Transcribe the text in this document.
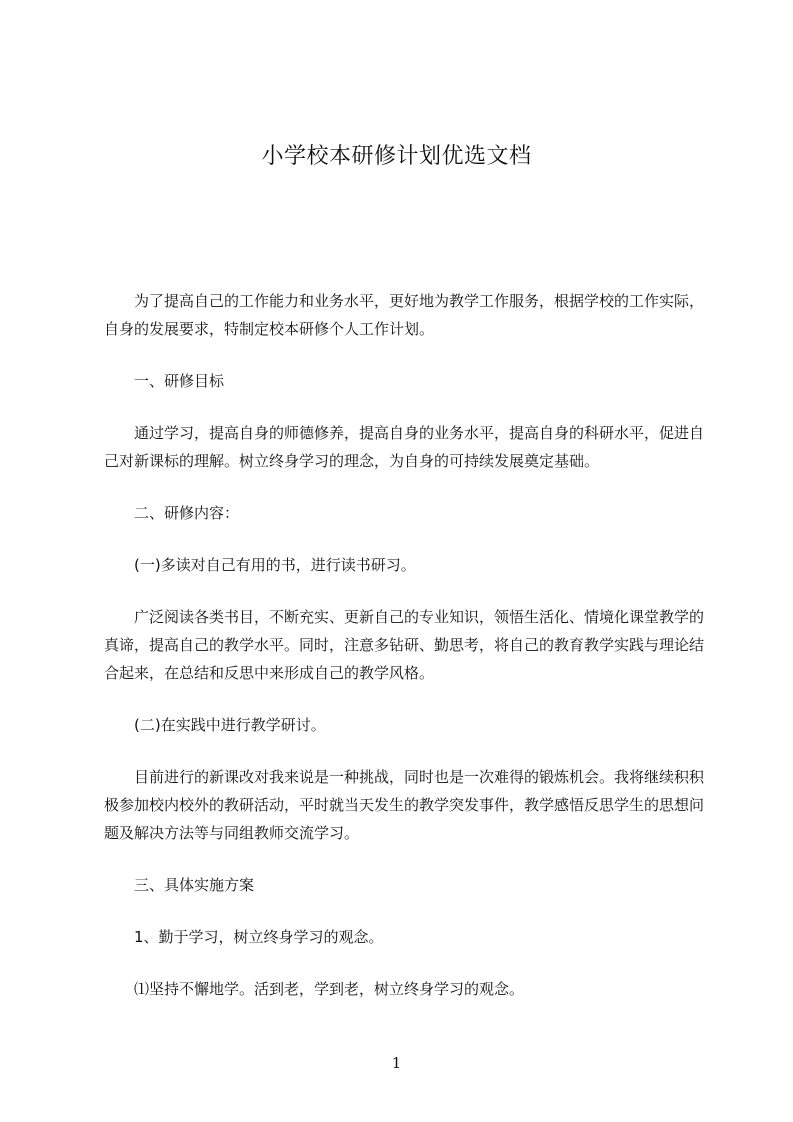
小学校本研修计划优选文档

为了提高自己的工作能力和业务水平，更好地为教学工作服务，根据学校的工作实际，自身的发展要求，特制定校本研修个人工作计划。

一、研修目标

通过学习，提高自身的师德修养，提高自身的业务水平，提高自身的科研水平，促进自己对新课标的理解。树立终身学习的理念，为自身的可持续发展奠定基础。

二、研修内容：

(一)多读对自己有用的书，进行读书研习。

广泛阅读各类书目，不断充实、更新自己的专业知识，领悟生活化、情境化课堂教学的真谛，提高自己的教学水平。同时，注意多钻研、勤思考，将自己的教育教学实践与理论结合起来，在总结和反思中来形成自己的教学风格。

(二)在实践中进行教学研讨。

目前进行的新课改对我来说是一种挑战，同时也是一次难得的锻炼机会。我将继续积积极参加校内校外的教研活动，平时就当天发生的教学突发事件，教学感悟反思学生的思想问题及解决方法等与同组教师交流学习。

三、具体实施方案

1、勤于学习，树立终身学习的观念。

⑴坚持不懈地学。活到老，学到老，树立终身学习的观念。

1
